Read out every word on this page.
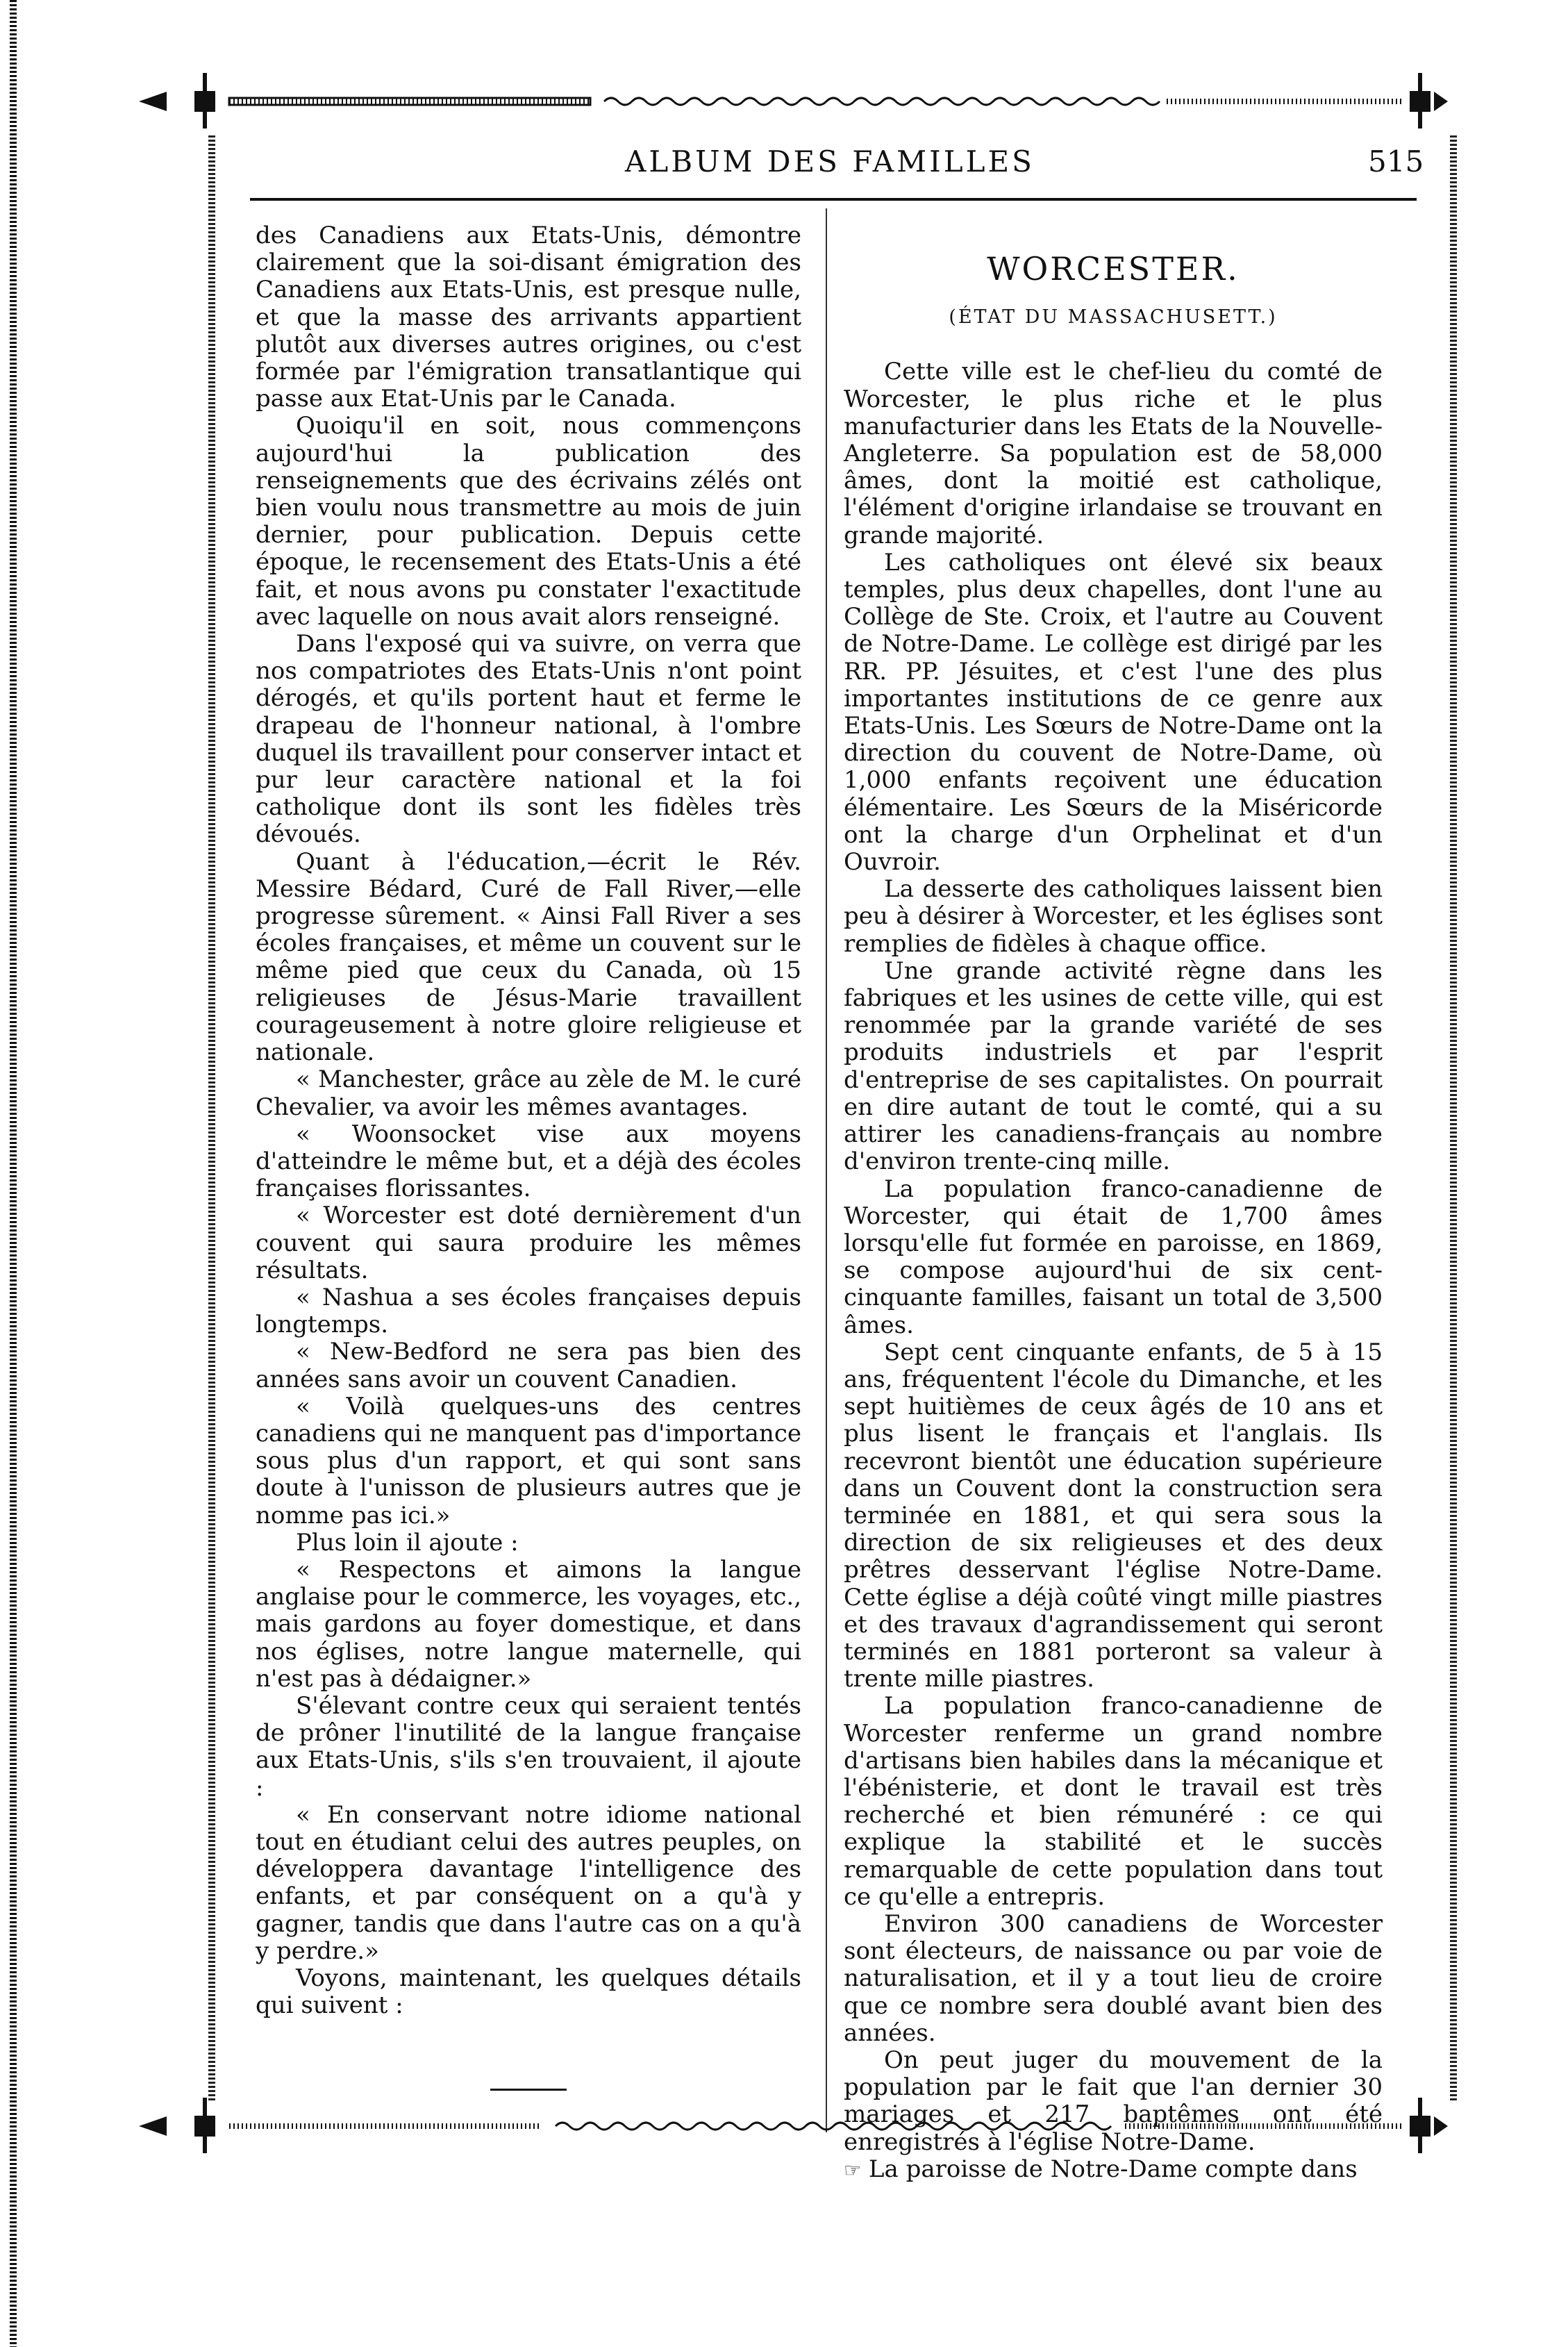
ALBUM DES FAMILLES	515

des Canadiens aux Etats-Unis, démontre clairement que la soi-disant émigration des Canadiens aux Etats-Unis, est presque nulle, et que la masse des arrivants appartient plutôt aux diverses autres origines, ou c'est formée par l'émigration transatlantique qui passe aux Etat-Unis par le Canada.

Quoiqu'il en soit, nous commençons aujourd'hui la publication des renseignements que des écrivains zélés ont bien voulu nous transmettre au mois de juin dernier, pour publication. Depuis cette époque, le recensement des Etats-Unis a été fait, et nous avons pu constater l'exactitude avec laquelle on nous avait alors renseigné.

Dans l'exposé qui va suivre, on verra que nos compatriotes des Etats-Unis n'ont point dérogés, et qu'ils portent haut et ferme le drapeau de l'honneur national, à l'ombre duquel ils travaillent pour conserver intact et pur leur caractère national et la foi catholique dont ils sont les fidèles très dévoués.

Quant à l'éducation,—écrit le Rév. Messire Bédard, Curé de Fall River,—elle progresse sûrement. « Ainsi Fall River a ses écoles françaises, et même un couvent sur le même pied que ceux du Canada, où 15 religieuses de Jésus-Marie travaillent courageusement à notre gloire religieuse et nationale.

« Manchester, grâce au zèle de M. le curé Chevalier, va avoir les mêmes avantages.

« Woonsocket vise aux moyens d'atteindre le même but, et a déjà des écoles françaises florissantes.

« Worcester est doté dernièrement d'un couvent qui saura produire les mêmes résultats.

« Nashua a ses écoles françaises depuis longtemps.

« New-Bedford ne sera pas bien des années sans avoir un couvent Canadien.

« Voilà quelques-uns des centres canadiens qui ne manquent pas d'importance sous plus d'un rapport, et qui sont sans doute à l'unisson de plusieurs autres que je nomme pas ici.»

Plus loin il ajoute :

« Respectons et aimons la langue anglaise pour le commerce, les voyages, etc., mais gardons au foyer domestique, et dans nos églises, notre langue maternelle, qui n'est pas à dédaigner.»

S'élevant contre ceux qui seraient tentés de prôner l'inutilité de la langue française aux Etats-Unis, s'ils s'en trouvaient, il ajoute :

« En conservant notre idiome national tout en étudiant celui des autres peuples, on développera davantage l'intelligence des enfants, et par conséquent on a qu'à y gagner, tandis que dans l'autre cas on a qu'à y perdre.»

Voyons, maintenant, les quelques détails qui suivent :

WORCESTER.
(ÉTAT DU MASSACHUSETT.)

Cette ville est le chef-lieu du comté de Worcester, le plus riche et le plus manufacturier dans les Etats de la Nouvelle-Angleterre. Sa population est de 58,000 âmes, dont la moitié est catholique, l'élément d'origine irlandaise se trouvant en grande majorité.

Les catholiques ont élevé six beaux temples, plus deux chapelles, dont l'une au Collège de Ste. Croix, et l'autre au Couvent de Notre-Dame. Le collège est dirigé par les RR. PP. Jésuites, et c'est l'une des plus importantes institutions de ce genre aux Etats-Unis. Les Sœurs de Notre-Dame ont la direction du couvent de Notre-Dame, où 1,000 enfants reçoivent une éducation élémentaire. Les Sœurs de la Miséricorde ont la charge d'un Orphelinat et d'un Ouvroir.

La desserte des catholiques laissent bien peu à désirer à Worcester, et les églises sont remplies de fidèles à chaque office.

Une grande activité règne dans les fabriques et les usines de cette ville, qui est renommée par la grande variété de ses produits industriels et par l'esprit d'entreprise de ses capitalistes. On pourrait en dire autant de tout le comté, qui a su attirer les canadiens-français au nombre d'environ trente-cinq mille.

La population franco-canadienne de Worcester, qui était de 1,700 âmes lorsqu'elle fut formée en paroisse, en 1869, se compose aujourd'hui de six cent-cinquante familles, faisant un total de 3,500 âmes.

Sept cent cinquante enfants, de 5 à 15 ans, fréquentent l'école du Dimanche, et les sept huitièmes de ceux âgés de 10 ans et plus lisent le français et l'anglais. Ils recevront bientôt une éducation supérieure dans un Couvent dont la construction sera terminée en 1881, et qui sera sous la direction de six religieuses et des deux prêtres desservant l'église Notre-Dame. Cette église a déjà coûté vingt mille piastres et des travaux d'agrandissement qui seront terminés en 1881 porteront sa valeur à trente mille piastres.

La population franco-canadienne de Worcester renferme un grand nombre d'artisans bien habiles dans la mécanique et l'ébénisterie, et dont le travail est très recherché et bien rémunéré : ce qui explique la stabilité et le succès remarquable de cette population dans tout ce qu'elle a entrepris.

Environ 300 canadiens de Worcester sont électeurs, de naissance ou par voie de naturalisation, et il y a tout lieu de croire que ce nombre sera doublé avant bien des années.

On peut juger du mouvement de la population par le fait que l'an dernier 30 mariages et 217 baptêmes ont été enregistrés à l'église Notre-Dame.

☞ La paroisse de Notre-Dame compte dans
